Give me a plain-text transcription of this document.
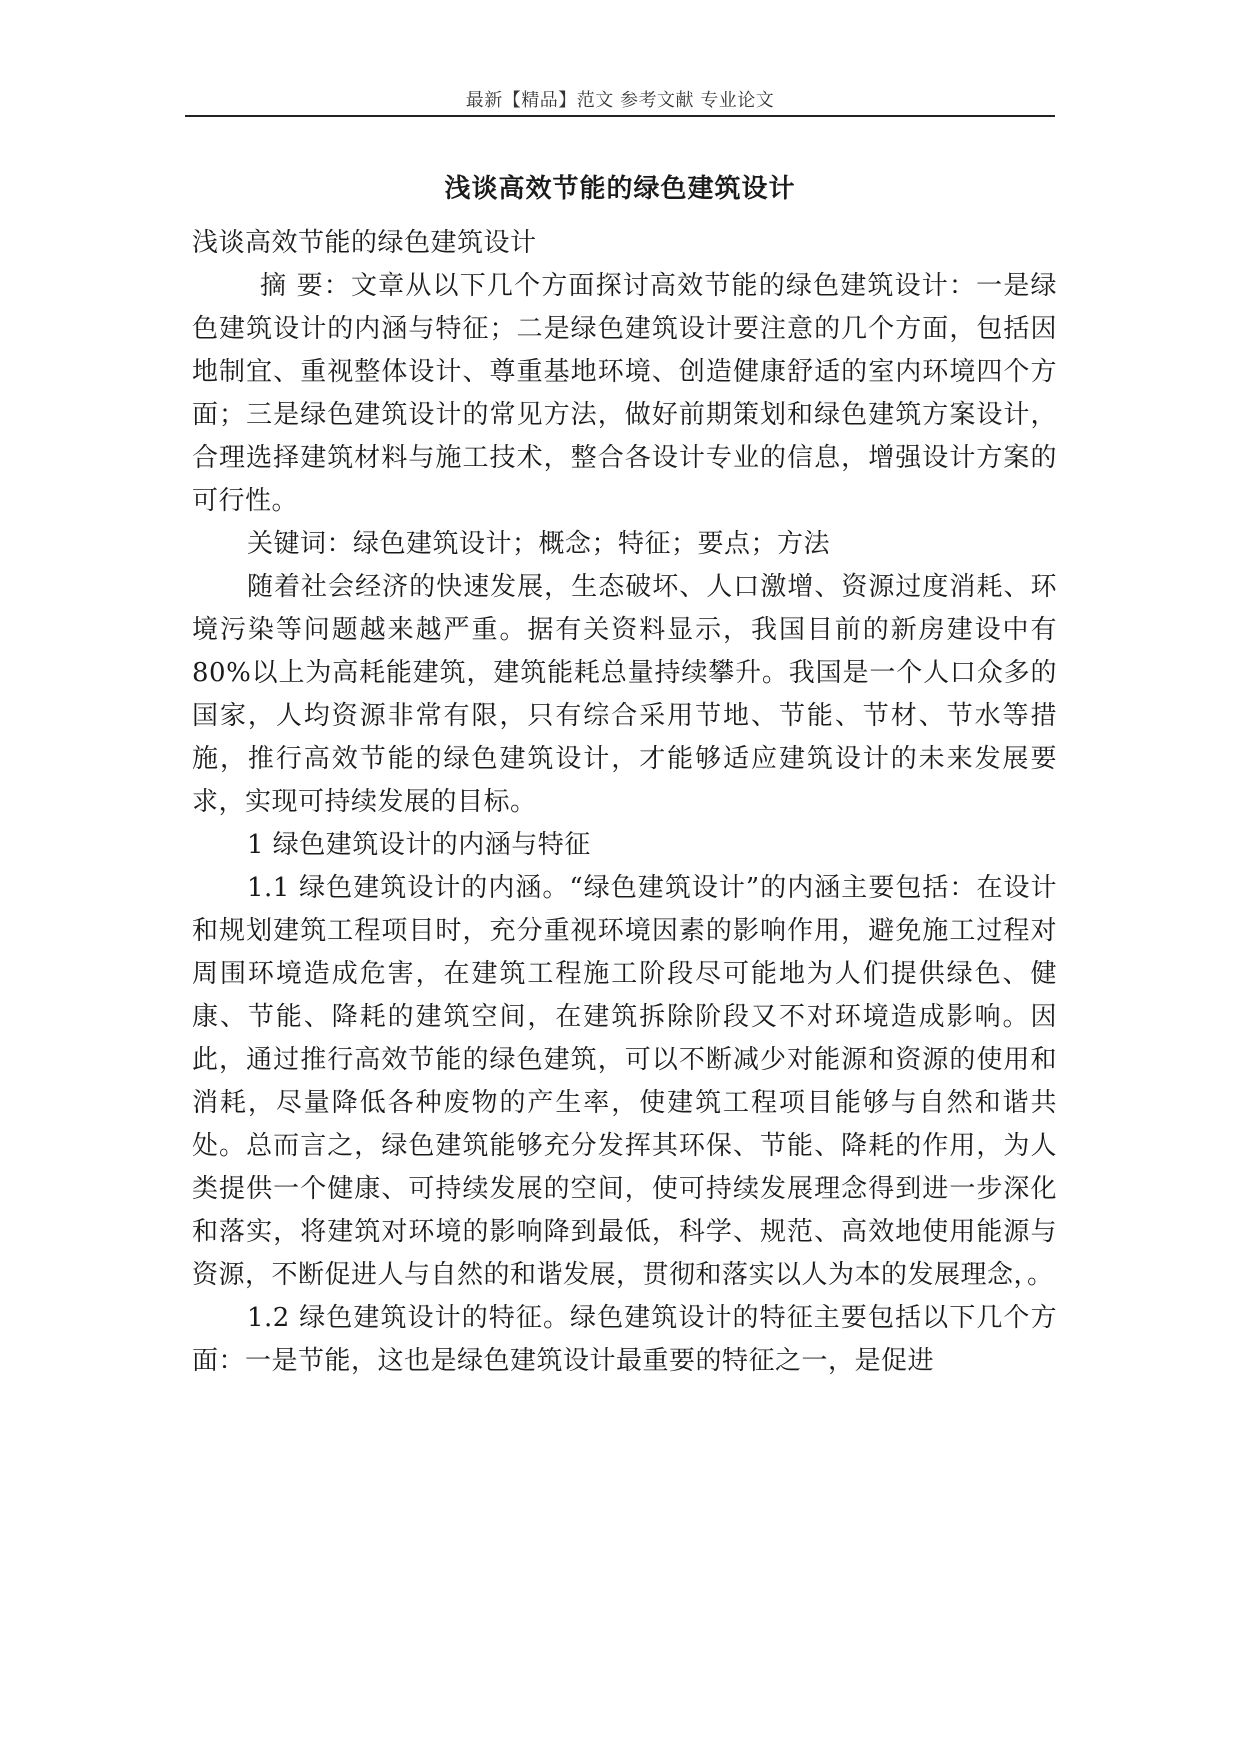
最新【精品】范文 参考文献 专业论文
浅谈高效节能的绿色建筑设计

浅谈高效节能的绿色建筑设计

摘 要：文章从以下几个方面探讨高效节能的绿色建筑设计：一是绿色建筑设计的内涵与特征；二是绿色建筑设计要注意的几个方面，包括因地制宜、重视整体设计、尊重基地环境、创造健康舒适的室内环境四个方面；三是绿色建筑设计的常见方法，做好前期策划和绿色建筑方案设计，合理选择建筑材料与施工技术，整合各设计专业的信息，增强设计方案的可行性。

关键词：绿色建筑设计；概念；特征；要点；方法

随着社会经济的快速发展，生态破坏、人口激增、资源过度消耗、环境污染等问题越来越严重。据有关资料显示，我国目前的新房建设中有80%以上为高耗能建筑，建筑能耗总量持续攀升。我国是一个人口众多的国家，人均资源非常有限，只有综合采用节地、节能、节材、节水等措施，推行高效节能的绿色建筑设计，才能够适应建筑设计的未来发展要求，实现可持续发展的目标。

1 绿色建筑设计的内涵与特征

1.1 绿色建筑设计的内涵。“绿色建筑设计”的内涵主要包括：在设计和规划建筑工程项目时，充分重视环境因素的影响作用，避免施工过程对周围环境造成危害，在建筑工程施工阶段尽可能地为人们提供绿色、健康、节能、降耗的建筑空间，在建筑拆除阶段又不对环境造成影响。因此，通过推行高效节能的绿色建筑，可以不断减少对能源和资源的使用和消耗，尽量降低各种废物的产生率，使建筑工程项目能够与自然和谐共处。总而言之，绿色建筑能够充分发挥其环保、节能、降耗的作用，为人类提供一个健康、可持续发展的空间，使可持续发展理念得到进一步深化和落实，将建筑对环境的影响降到最低，科学、规范、高效地使用能源与资源，不断促进人与自然的和谐发展，贯彻和落实以人为本的发展理念，。

1.2 绿色建筑设计的特征。绿色建筑设计的特征主要包括以下几个方面：一是节能，这也是绿色建筑设计最重要的特征之一，是促进
